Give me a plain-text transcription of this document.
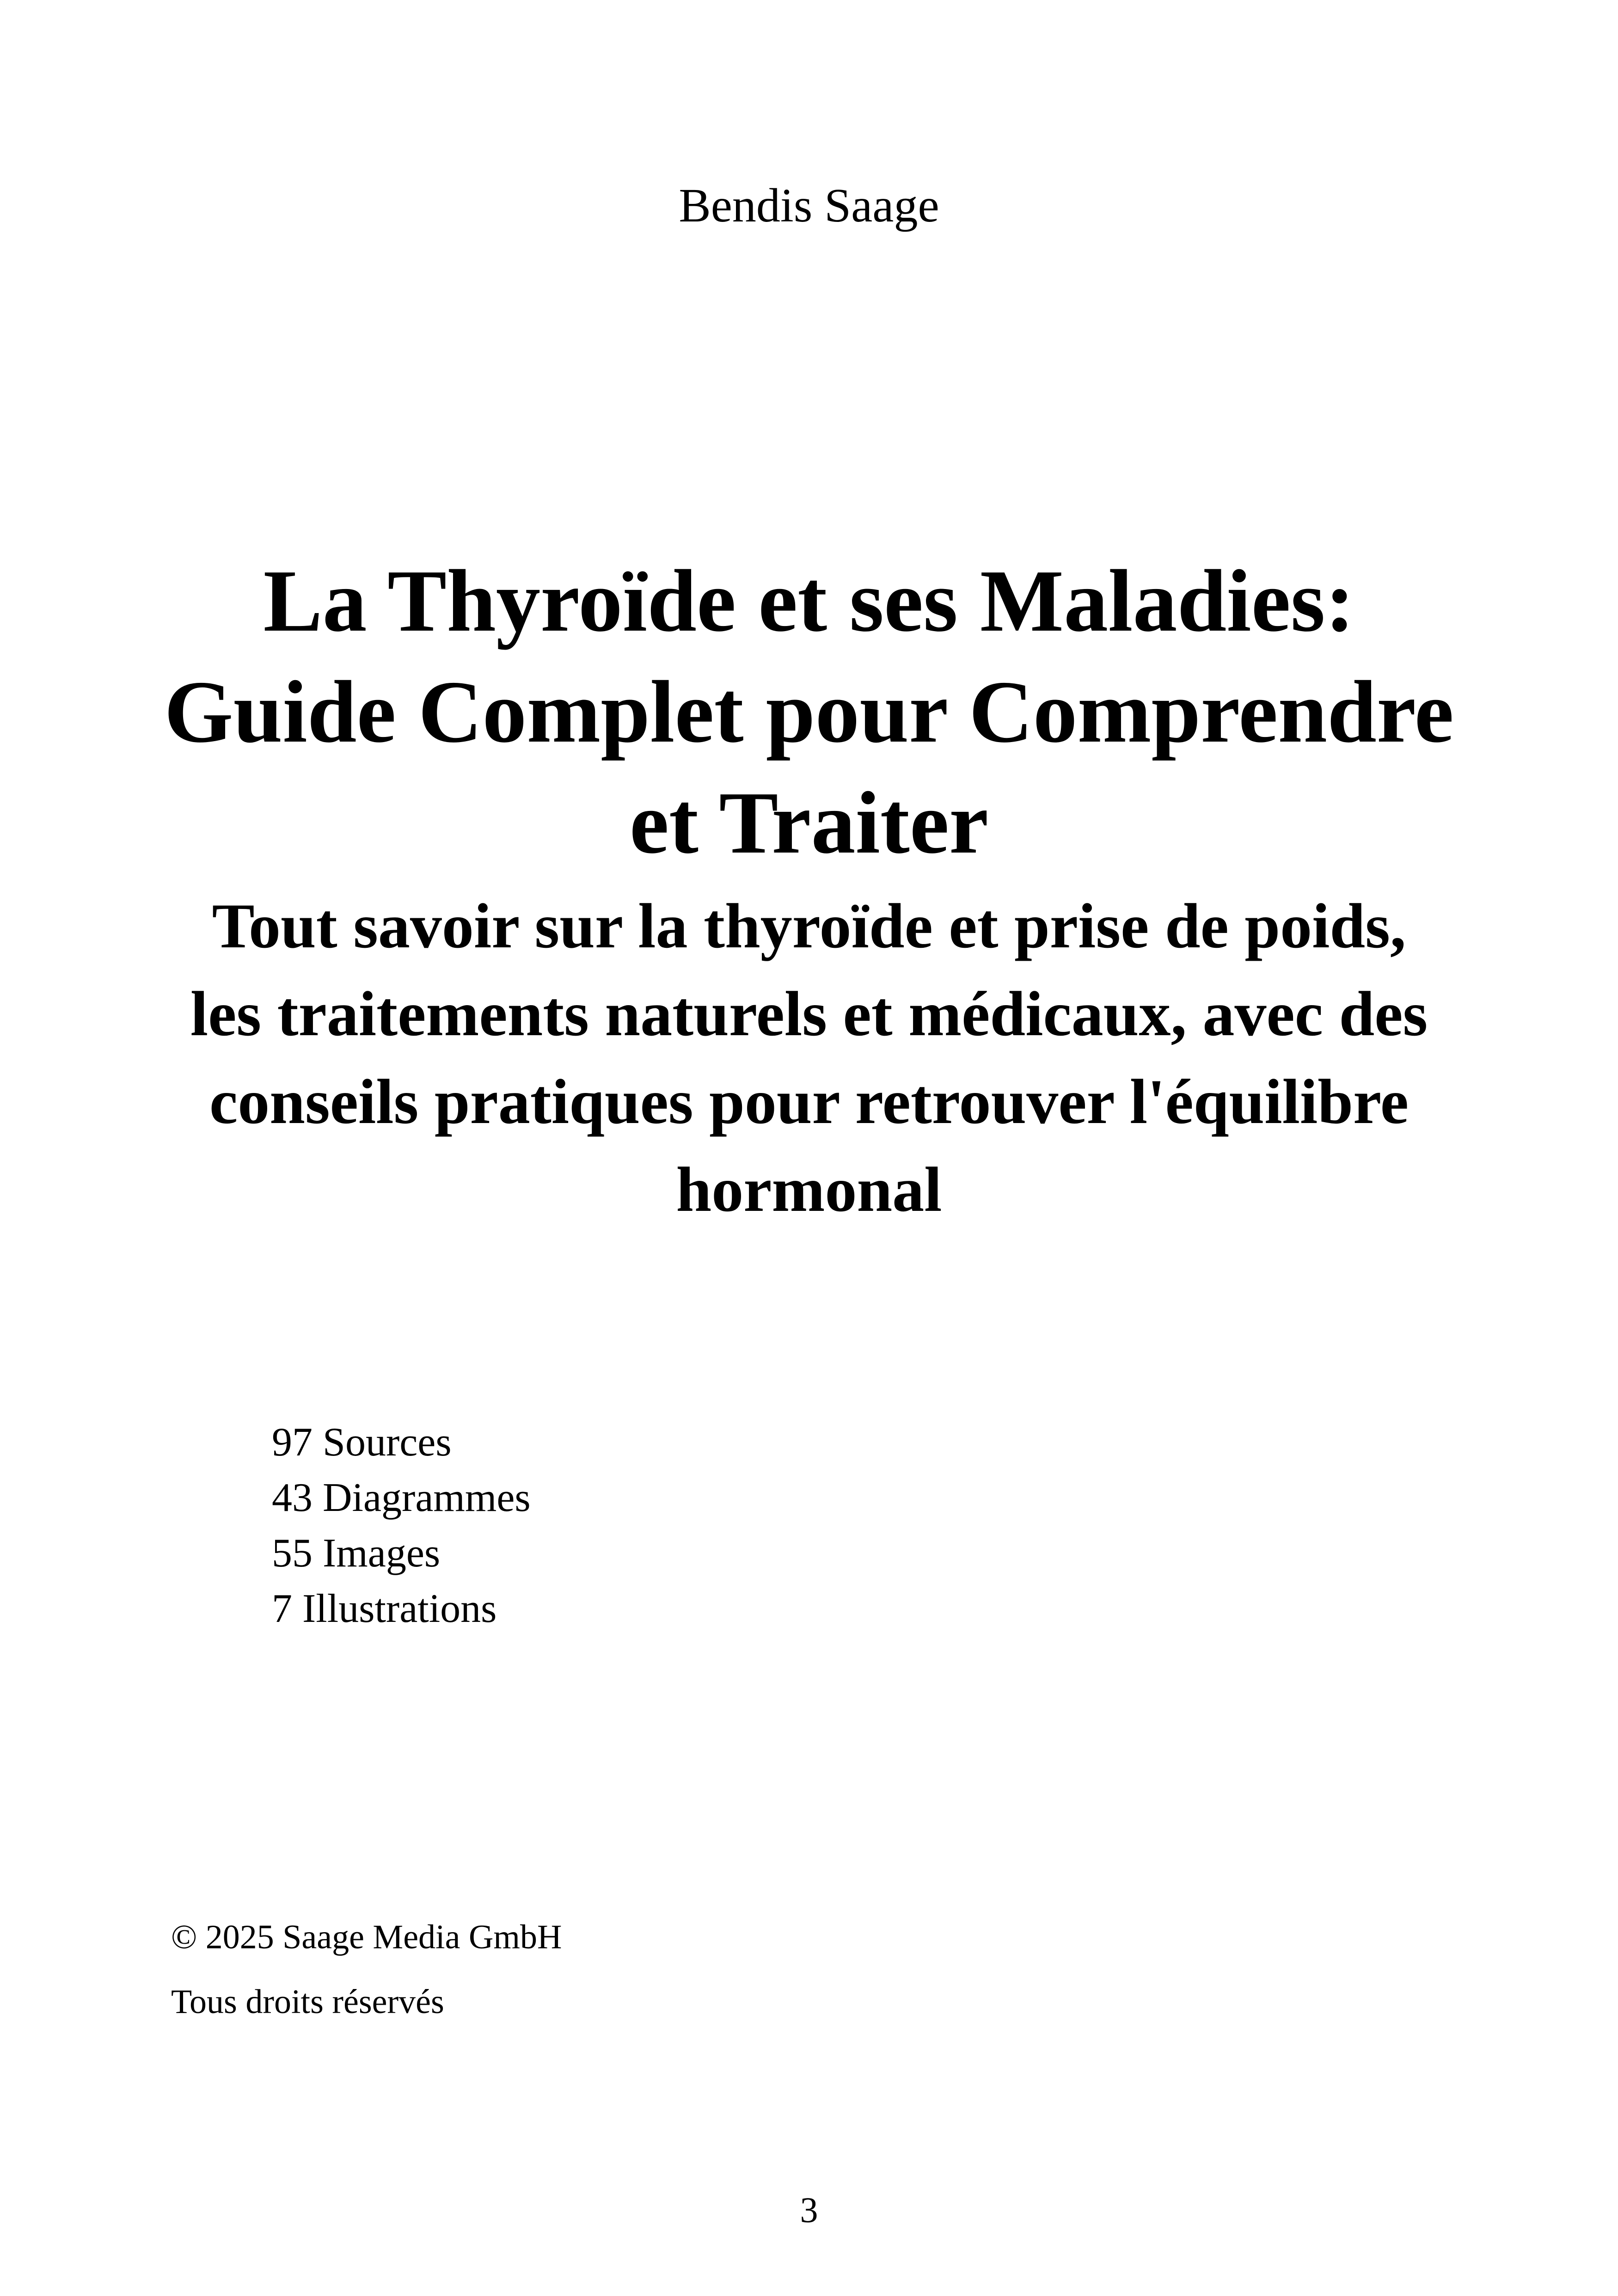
Bendis Saage
La Thyroïde et ses Maladies:
Guide Complet pour Comprendre
et Traiter
Tout savoir sur la thyroïde et prise de poids,
les traitements naturels et médicaux, avec des
conseils pratiques pour retrouver l'équilibre
hormonal
97 Sources
43 Diagrammes
55 Images
7 Illustrations
© 2025 Saage Media GmbH
Tous droits réservés
3
